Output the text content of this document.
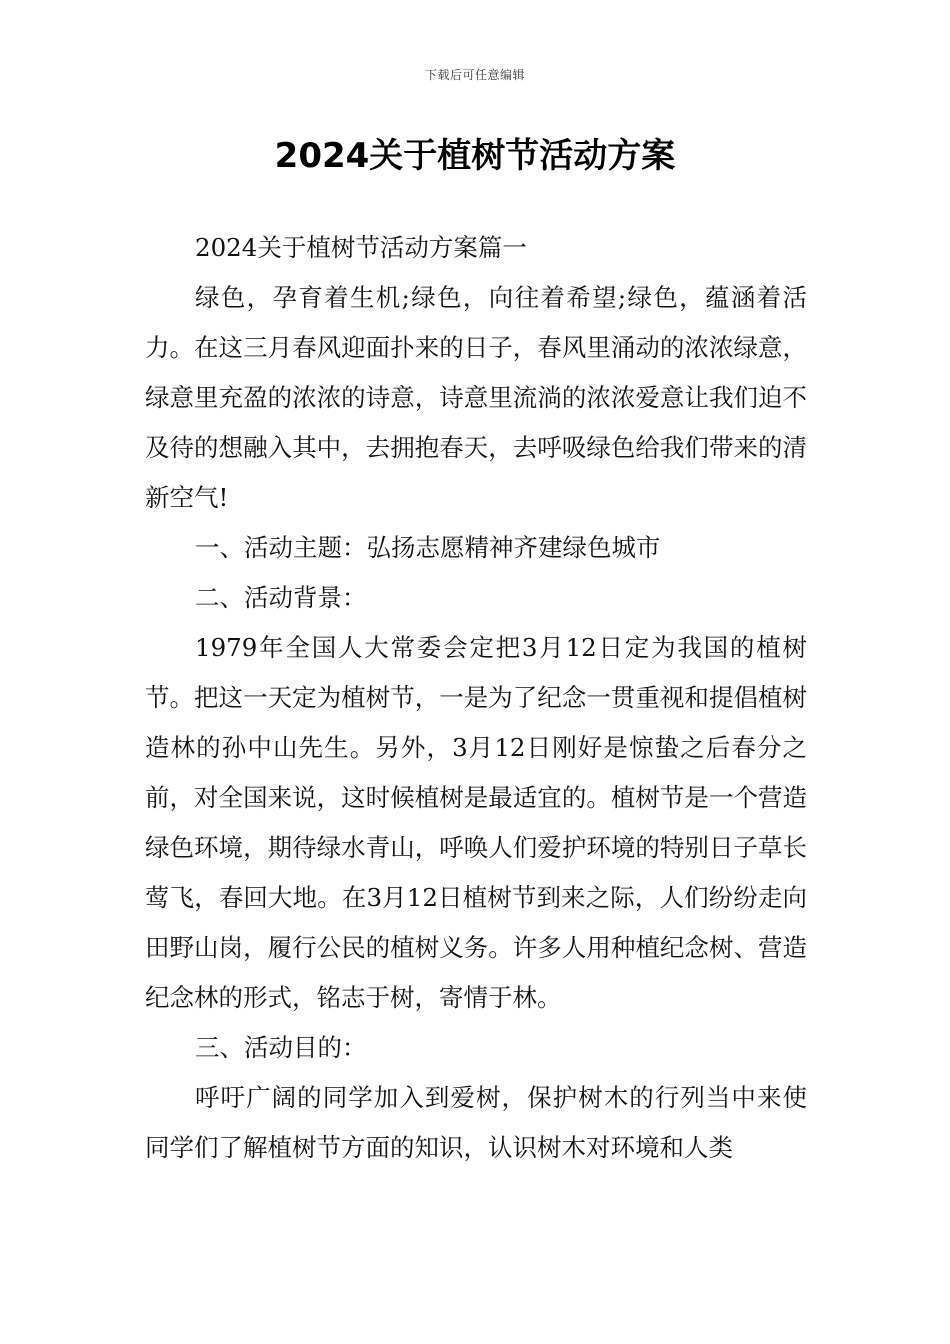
下载后可任意编辑
2024关于植树节活动方案

2024关于植树节活动方案篇一

绿色，孕育着生机;绿色，向往着希望;绿色，蕴涵着活力。在这三月春风迎面扑来的日子，春风里涌动的浓浓绿意，绿意里充盈的浓浓的诗意，诗意里流淌的浓浓爱意让我们迫不及待的想融入其中，去拥抱春天，去呼吸绿色给我们带来的清新空气!

一、活动主题：弘扬志愿精神齐建绿色城市

二、活动背景：

1979年全国人大常委会定把3月12日定为我国的植树节。把这一天定为植树节，一是为了纪念一贯重视和提倡植树造林的孙中山先生。另外，3月12日刚好是惊蛰之后春分之前，对全国来说，这时候植树是最适宜的。植树节是一个营造绿色环境，期待绿水青山，呼唤人们爱护环境的特别日子草长莺飞，春回大地。在3月12日植树节到来之际，人们纷纷走向田野山岗，履行公民的植树义务。许多人用种植纪念树、营造纪念林的形式，铭志于树，寄情于林。

三、活动目的：

呼吁广阔的同学加入到爱树，保护树木的行列当中来使同学们了解植树节方面的知识，认识树木对环境和人类
